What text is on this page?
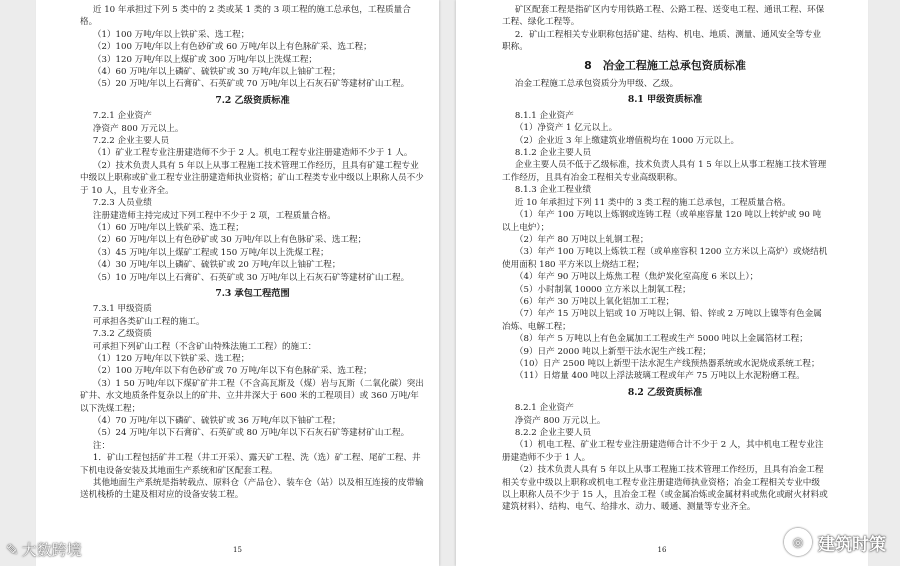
近 10 年承担过下列 5 类中的 2 类或某 1 类的 3 项工程的施工总承包，工程质量合格。

（1）100 万吨/年以上铁矿采、选工程；

（2）100 万吨/年以上有色砂矿或 60 万吨/年以上有色脉矿采、选工程；

（3）120 万吨/年以上煤矿或 300 万吨/年以上洗煤工程；

（4）60 万吨/年以上磷矿、硫铁矿或 30 万吨/年以上铀矿工程；

（5）20 万吨/年以上石膏矿、石英矿或 70 万吨/年以上石灰石矿等建材矿山工程。

7.2 乙级资质标准

7.2.1 企业资产

净资产 800 万元以上。

7.2.2 企业主要人员

（1）矿业工程专业注册建造师不少于 2 人。机电工程专业注册建造师不少于 1 人。

（2）技术负责人具有 5 年以上从事工程施工技术管理工作经历，且具有矿建工程专业中级以上职称或矿业工程专业注册建造师执业资格；矿山工程类专业中级以上职称人员不少于 10 人，且专业齐全。

7.2.3 人员业绩

注册建造师主持完成过下列工程中不少于 2 项，工程质量合格。

（1）60 万吨/年以上铁矿采、选工程；

（2）60 万吨/年以上有色砂矿或 30 万吨/年以上有色脉矿采、选工程；

（3）45 万吨/年以上煤矿工程或 150 万吨/年以上洗煤工程；

（4）30 万吨/年以上磷矿、硫铁矿或 20 万吨/年以上铀矿工程；

（5）10 万吨/年以上石膏矿、石英矿或 30 万吨/年以上石灰石矿等建材矿山工程。

7.3 承包工程范围

7.3.1 甲级资质

可承担各类矿山工程的施工。

7.3.2 乙级资质

可承担下列矿山工程（不含矿山特殊法施工工程）的施工：

（1）120 万吨/年以下铁矿采、选工程；

（2）100 万吨/年以下有色砂矿或 70 万吨/年以下有色脉矿采、选工程；

（3）1 50 万吨/年以下煤矿矿井工程（不含高瓦斯及（煤）岩与瓦斯（二氧化碳）突出矿井、水文地质条件复杂以上的矿井、立井井深大于 600 米的工程项目）或 360 万吨/年以下洗煤工程；

（4）70 万吨/年以下磷矿、硫铁矿或 36 万吨/年以下铀矿工程；

（5）24 万吨/年以下石膏矿、石英矿或 80 万吨/年以下石灰石矿等建材矿山工程。

注：

1．矿山工程包括矿井工程（井工开采）、露天矿工程、洗（选）矿工程、尾矿工程、井下机电设备安装及其地面生产系统和矿区配套工程。

其他地面生产系统是指转载点、原料仓（产品仓）、装车仓（站）以及相互连接的皮带输送机栈桥的土建及相对应的设备安装工程。

15

矿区配套工程是指矿区内专用铁路工程、公路工程、送变电工程、通讯工程、环保工程、绿化工程等。

2．矿山工程相关专业职称包括矿建、结构、机电、地质、测量、通风安全等专业职称。

8　冶金工程施工总承包资质标准

冶金工程施工总承包资质分为甲级、乙级。

8.1 甲级资质标准

8.1.1 企业资产

（1）净资产 1 亿元以上。

（2）企业近 3 年上缴建筑业增值税均在 1000 万元以上。

8.1.2 企业主要人员

企业主要人员不低于乙级标准，技术负责人具有 1 5 年以上从事工程施工技术管理工作经历，且具有冶金工程相关专业高级职称。

8.1.3 企业工程业绩

近 10 年承担过下列 11 类中的 3 类工程的施工总承包，工程质量合格。

（1）年产 100 万吨以上炼钢或连铸工程（或单座容量 120 吨以上转炉或 90 吨以上电炉）；

（2）年产 80 万吨以上轧钢工程；

（3）年产 100 万吨以上炼铁工程（或单座容积 1200 立方米以上高炉）或烧结机使用面积 180 平方米以上烧结工程；

（4）年产 90 万吨以上炼焦工程（焦炉炭化室高度 6 米以上）；

（5）小时制氧 10000 立方米以上制氧工程；

（6）年产 30 万吨以上氧化铝加工工程；

（7）年产 15 万吨以上铝或 10 万吨以上铜、铅、锌或 2 万吨以上镍等有色金属冶炼、电解工程；

（8）年产 5 万吨以上有色金属加工工程或生产 5000 吨以上金属箔材工程；

（9）日产 2000 吨以上新型干法水泥生产线工程；

（10）日产 2500 吨以上新型干法水泥生产线预热器系统或水泥烧成系统工程；

（11）日熔量 400 吨以上浮法玻璃工程或年产 75 万吨以上水泥粉磨工程。

8.2 乙级资质标准

8.2.1 企业资产

净资产 800 万元以上。

8.2.2 企业主要人员

（1）机电工程、矿业工程专业注册建造师合计不少于 2 人，其中机电工程专业注册建造师不少于 1 人。

（2）技术负责人具有 5 年以上从事工程施工技术管理工作经历，且具有冶金工程相关专业中级以上职称或机电工程专业注册建造师执业资格；冶金工程相关专业中级以上职称人员不少于 15 人，且冶金工程（或金属冶炼或金属材料或焦化或耐火材料或建筑材料）、结构、电气、给排水、动力、暖通、测量等专业齐全。

16
✎ 大数跨境	◎ 建筑时策
